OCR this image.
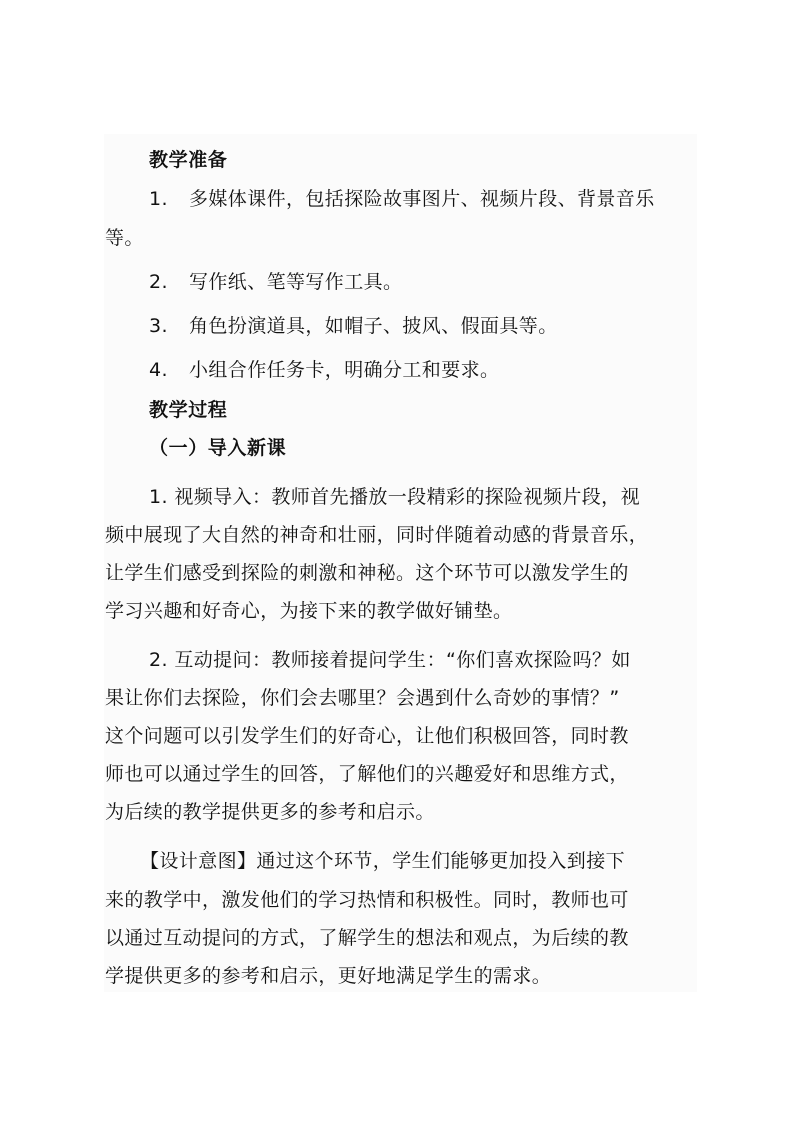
教学准备
1. 多媒体课件，包括探险故事图片、视频片段、背景音乐
等。
2. 写作纸、笔等写作工具。
3. 角色扮演道具，如帽子、披风、假面具等。
4. 小组合作任务卡，明确分工和要求。
教学过程
（一）导入新课
1. 视频导入：教师首先播放一段精彩的探险视频片段，视
频中展现了大自然的神奇和壮丽，同时伴随着动感的背景音乐，
让学生们感受到探险的刺激和神秘。这个环节可以激发学生的
学习兴趣和好奇心，为接下来的教学做好铺垫。
2. 互动提问：教师接着提问学生：“你们喜欢探险吗？如
果让你们去探险，你们会去哪里？会遇到什么奇妙的事情？”
这个问题可以引发学生们的好奇心，让他们积极回答，同时教
师也可以通过学生的回答，了解他们的兴趣爱好和思维方式，
为后续的教学提供更多的参考和启示。
【设计意图】通过这个环节，学生们能够更加投入到接下
来的教学中，激发他们的学习热情和积极性。同时，教师也可
以通过互动提问的方式，了解学生的想法和观点，为后续的教
学提供更多的参考和启示，更好地满足学生的需求。
